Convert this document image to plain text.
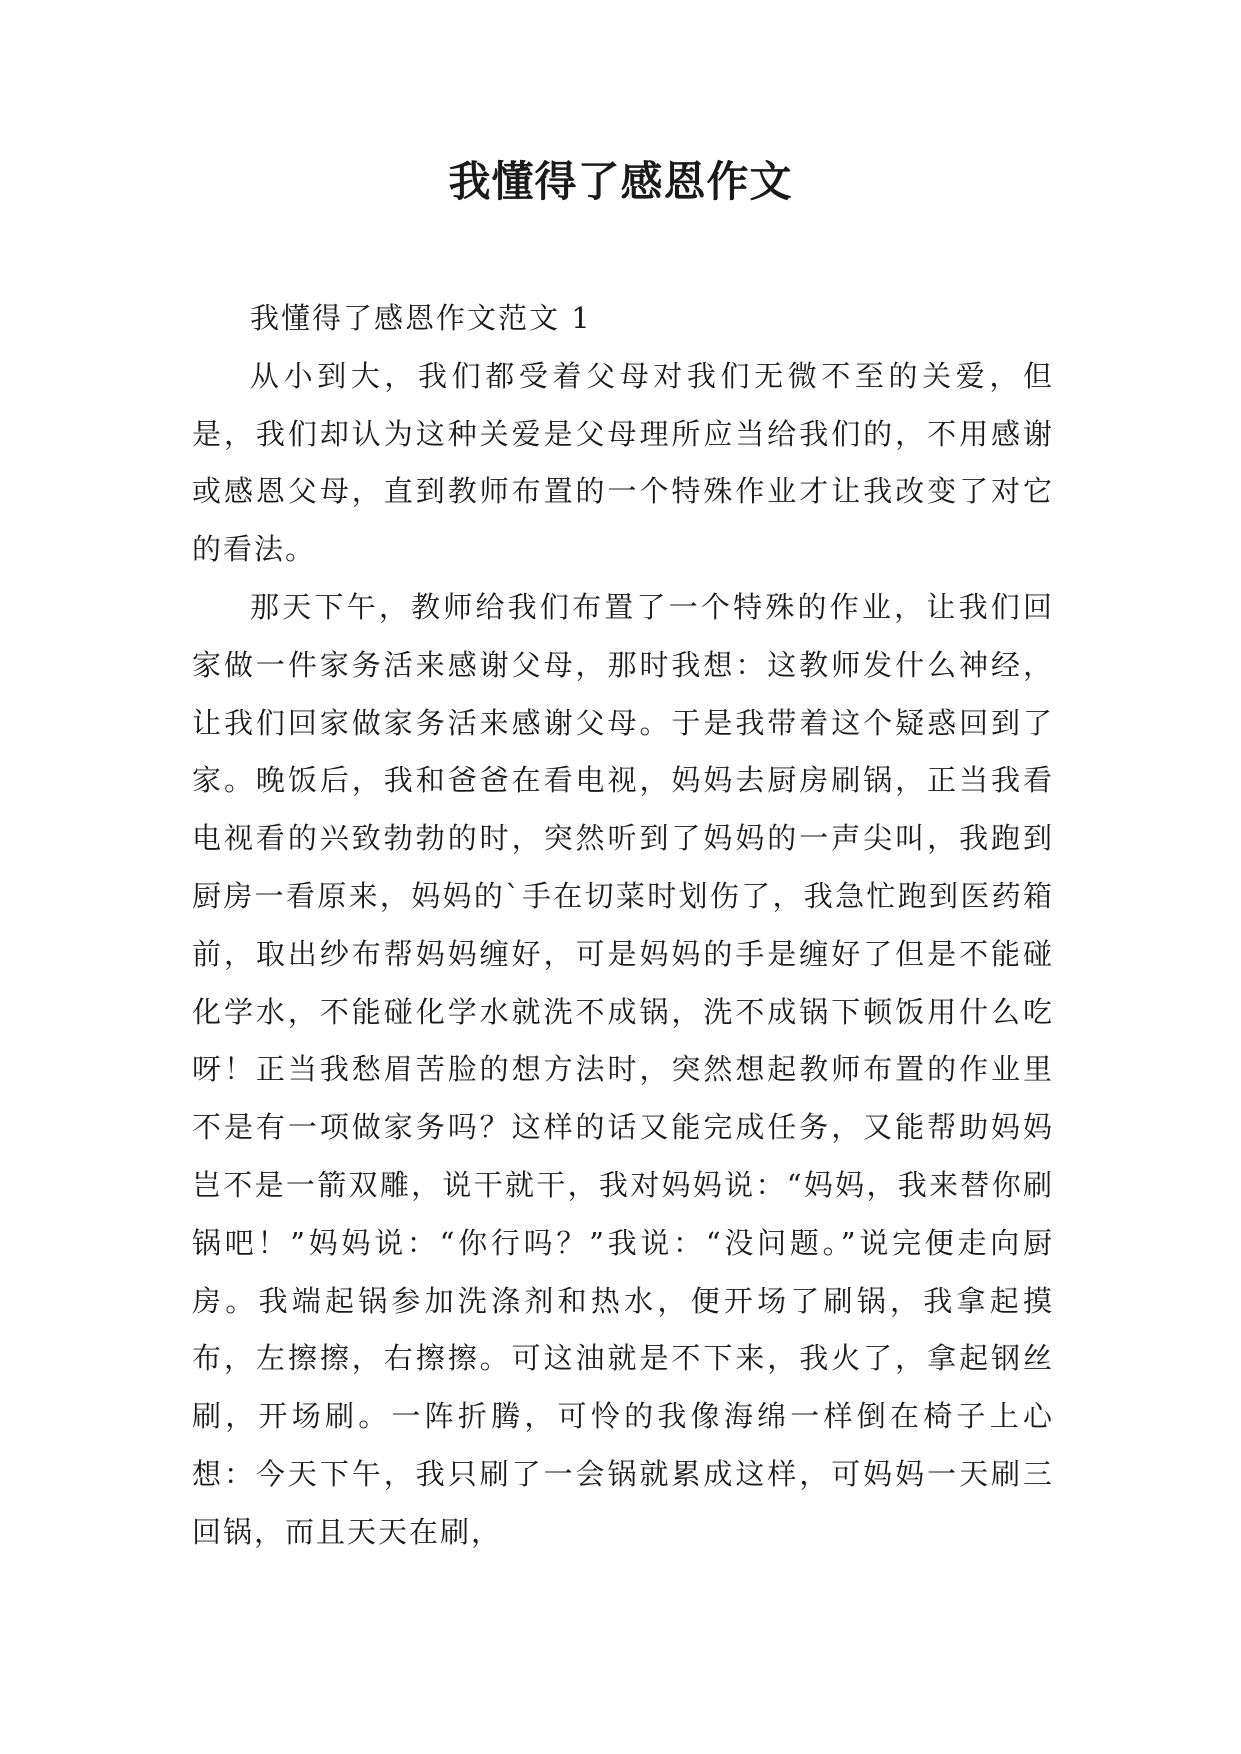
我懂得了感恩作文

我懂得了感恩作文范文 1

从小到大，我们都受着父母对我们无微不至的关爱，但是，我们却认为这种关爱是父母理所应当给我们的，不用感谢或感恩父母，直到教师布置的一个特殊作业才让我改变了对它的看法。

那天下午，教师给我们布置了一个特殊的作业，让我们回家做一件家务活来感谢父母，那时我想：这教师发什么神经，让我们回家做家务活来感谢父母。于是我带着这个疑惑回到了家。晚饭后，我和爸爸在看电视，妈妈去厨房刷锅，正当我看电视看的兴致勃勃的时，突然听到了妈妈的一声尖叫，我跑到厨房一看原来，妈妈的`手在切菜时划伤了，我急忙跑到医药箱前，取出纱布帮妈妈缠好，可是妈妈的手是缠好了但是不能碰化学水，不能碰化学水就洗不成锅，洗不成锅下顿饭用什么吃呀！正当我愁眉苦脸的想方法时，突然想起教师布置的作业里不是有一项做家务吗？这样的话又能完成任务，又能帮助妈妈岂不是一箭双雕，说干就干，我对妈妈说：“妈妈，我来替你刷锅吧！”妈妈说：“你行吗？”我说：“没问题。”说完便走向厨房。我端起锅参加洗涤剂和热水，便开场了刷锅，我拿起摸布，左擦擦，右擦擦。可这油就是不下来，我火了，拿起钢丝刷，开场刷。一阵折腾，可怜的我像海绵一样倒在椅子上心想：今天下午，我只刷了一会锅就累成这样，可妈妈一天刷三回锅，而且天天在刷，
